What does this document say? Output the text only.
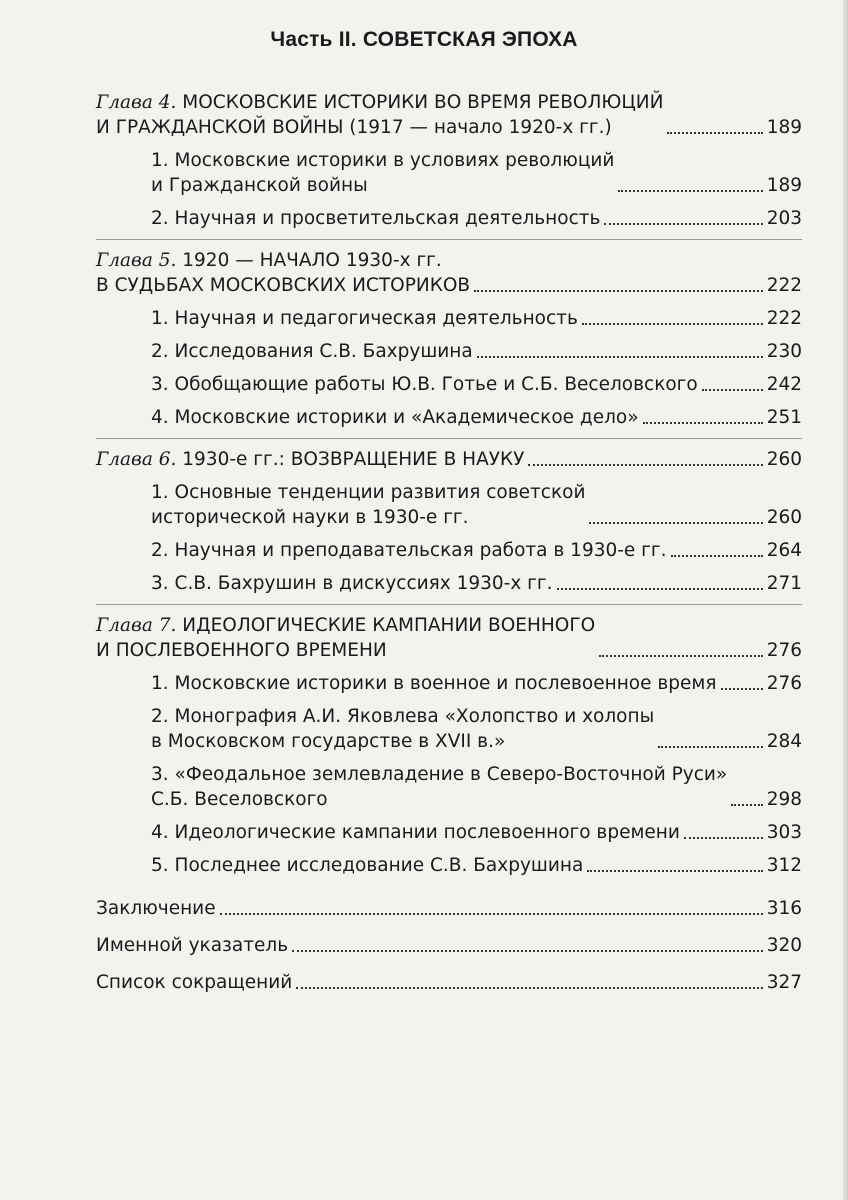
Часть II. СОВЕТСКАЯ ЭПОХА
Глава 4. МОСКОВСКИЕ ИСТОРИКИ ВО ВРЕМЯ РЕВОЛЮЦИЙ
И ГРАЖДАНСКОЙ ВОЙНЫ (1917 — начало 1920-х гг.)	189
1. Московские историки в условиях революций
и Гражданской войны	189
2. Научная и просветительская деятельность	203
Глава 5. 1920 — НАЧАЛО 1930-х гг.
В СУДЬБАХ МОСКОВСКИХ ИСТОРИКОВ	222
1. Научная и педагогическая деятельность	222
2. Исследования С.В. Бахрушина	230
3. Обобщающие работы Ю.В. Готье и С.Б. Веселовского	242
4. Московские историки и «Академическое дело»	251
Глава 6. 1930-е гг.: ВОЗВРАЩЕНИЕ В НАУКУ	260
1. Основные тенденции развития советской
исторической науки в 1930-е гг.	260
2. Научная и преподавательская работа в 1930-е гг.	264
3. С.В. Бахрушин в дискуссиях 1930-х гг.	271
Глава 7. ИДЕОЛОГИЧЕСКИЕ КАМПАНИИ ВОЕННОГО
И ПОСЛЕВОЕННОГО ВРЕМЕНИ	276
1. Московские историки в военное и послевоенное время	276
2. Монография А.И. Яковлева «Холопство и холопы
в Московском государстве в XVII в.»	284
3. «Феодальное землевладение в Северо-Восточной Руси»
С.Б. Веселовского	298
4. Идеологические кампании послевоенного времени	303
5. Последнее исследование С.В. Бахрушина	312
Заключение	316
Именной указатель	320
Список сокращений	327
